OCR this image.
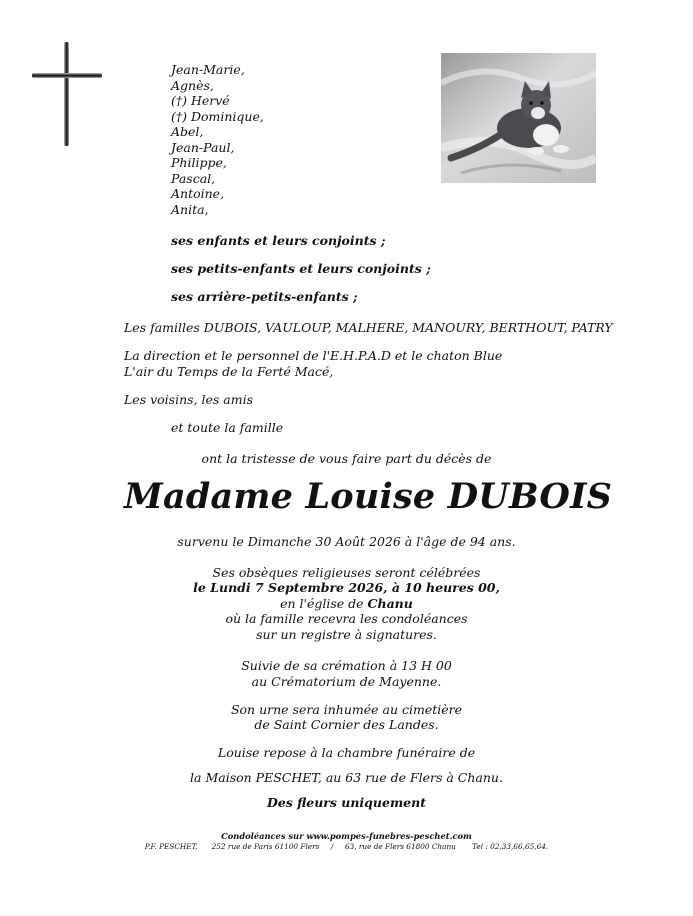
Jean-Marie,
Agnès,
(†) Hervé
(†) Dominique,
Abel,
Jean-Paul,
Philippe,
Pascal,
Antoine,
Anita,
ses enfants et leurs conjoints ;
ses petits-enfants et leurs conjoints ;
ses arrière-petits-enfants ;
Les familles DUBOIS, VAULOUP, MALHERE, MANOURY, BERTHOUT, PATRY
La direction et le personnel de l'E.H.P.A.D et le chaton Blue
L'air du Temps de la Ferté Macé,
Les voisins, les amis
et toute la famille
ont la tristesse de vous faire part du décès de
Madame Louise DUBOIS
survenu le Dimanche 30 Août 2026 à l'âge de 94 ans.
Ses obsèques religieuses seront célébrées
le Lundi 7 Septembre 2026, à 10 heures 00,
en l'église de Chanu
où la famille recevra les condoléances
sur un registre à signatures.
Suivie de sa crémation à 13 H 00
au Crématorium de Mayenne.
Son urne sera inhumée au cimetière
de Saint Cornier des Landes.
Louise repose à la chambre funéraire de
la Maison PESCHET, au 63 rue de Flers à Chanu.
Des fleurs uniquement
Condoléances sur www.pompes-funebres-peschet.com
P.F. PESCHET,      252 rue de Paris 61100 Flers     /     63, rue de Flers 61800 Chanu       Tel : 02,33,66,65,64.
